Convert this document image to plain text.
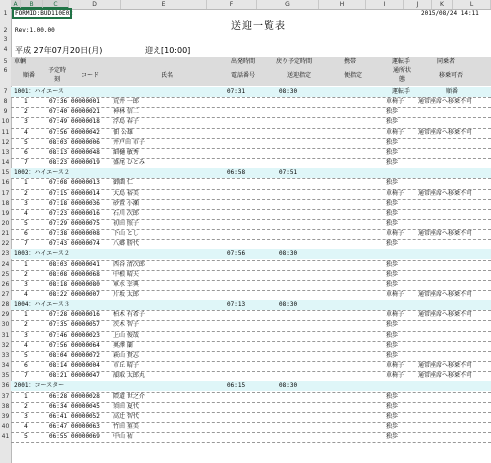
A	B	C	D	E	F	G	H	I	J	K	L
1
2
3
4
5
6
7
8
9
10
11
12
13
14
15
16
17
18
19
20
21
22
23
24
25
26
27
28
29
30
31
32
33
34
35
36
37
38
39
40
41
FORMID:BUD110E02	2015/08/24 14:11
送迎一覧表
Rev:1.00.00
平成 27年07月20日(月)	迎え[10:00]
車輌	出発時間	戻り予定時間	携帯	運転手	同乗者
順番
予定時刻
コード	氏名	電話番号	送迎指定	便指定
通所状態
移乗可否
1001：ハイエース	07:31	08:30	運転手	順番
1	07:36 00000001 荒井 一郎	車椅子 通常座席へ移乗不可
2	07:40 00000021 神林 信二	独歩
3	07:49 00000018 浮島 春子	独歩
4	07:56 00000042 佃 公雄	車椅子 通常座席へ移乗不可
5	08:03 00000006 井戸田 市子	独歩
6	08:13 00000048 細樋 敏秀	独歩
7	08:23 00000019 盛尾 ひとみ	独歩
1002：ハイエース２	06:58	07:51
1	07:08 00000013 御薗 仁	独歩
2	07:15 00000014 大島 裕美	車椅子 通常座席へ移乗不可
3	07:18 00000036 砂置 小瀬	独歩
4	07:23 00000016 石川 次郎	独歩
5	07:29 00000075 初田 照子	独歩
6	07:38 00000008 下山 とし	車椅子 通常座席へ移乗不可
7	07:43 00000074 八郷 勝代	独歩
1003：ハイエース２	07:56	08:30
1	08:03 00000041 西谷 清次郎	独歩
2	08:08 00000068 中根 晴夫	独歩
3	08:18 00000080 軍水 幸典	独歩
4	08:22 00000007 片坂 太郎	車椅子 通常座席へ移乗不可
1004：ハイエース３	07:13	08:30
1	07:28 00000016 柏木 有希子	車椅子 通常座席へ移乗不可
2	07:35 00000057 茨木 智子	独歩
3	07:46 00000023 上山 俊哉	独歩
4	07:56 00000064 奥澤 蘭	独歩
5	08:04 00000072 萩山 貴志	独歩
6	08:14 00000004 市丘 晴子	車椅子 通常座席へ移乗不可
7	08:21 00000047 韻取 太郎丸	車椅子 通常座席へ移乗不可
2001：コースター	06:15	08:30
1	06:28 00000028 隈道 世之介	独歩
2	06:34 00000045 須田 夏代	独歩
3	06:41 00000052 高辻 智代	独歩
4	06:47 00000063 竹田 菫美	独歩
5	06:55 00000069 中山 祐	独歩
